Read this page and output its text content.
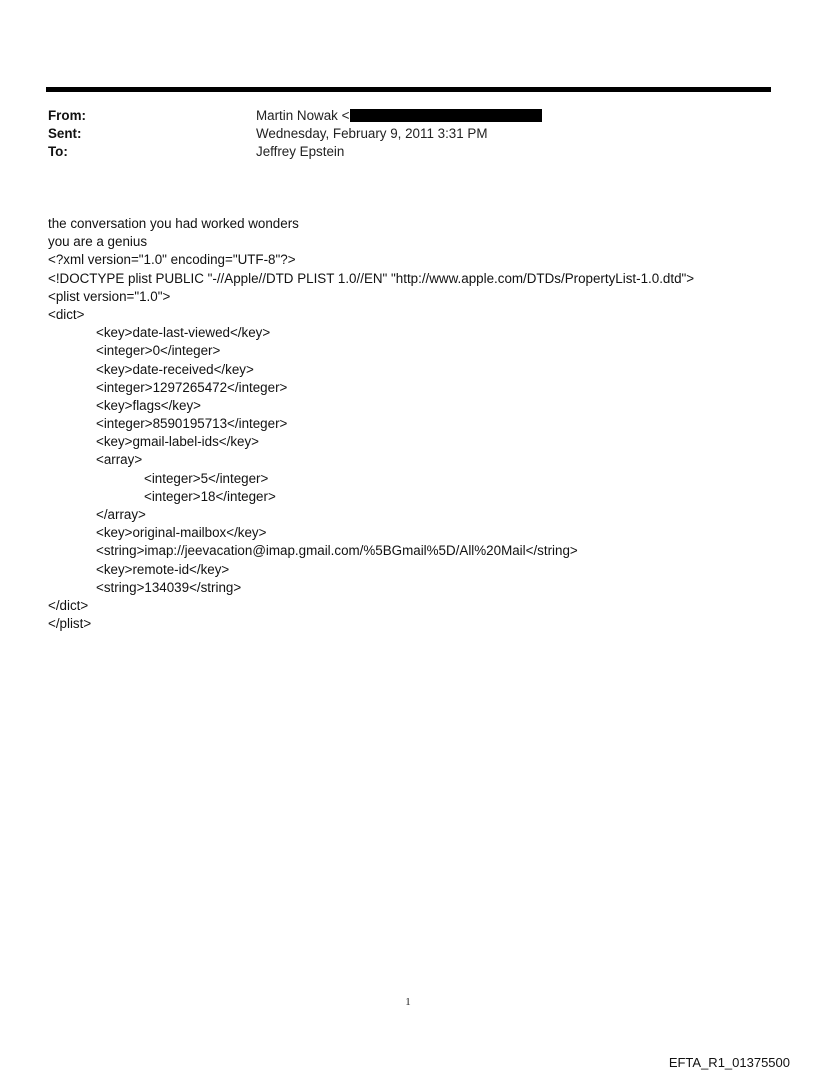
From:	Martin Nowak <
Sent:	Wednesday, February 9, 2011 3:31 PM
To:	Jeffrey Epstein
the conversation you had worked wonders
you are a genius
<?xml version="1.0" encoding="UTF-8"?>
<!DOCTYPE plist PUBLIC "-//Apple//DTD PLIST 1.0//EN" "http://www.apple.com/DTDs/PropertyList-1.0.dtd">
<plist version="1.0">
<dict>
<key>date-last-viewed</key>
<integer>0</integer>
<key>date-received</key>
<integer>1297265472</integer>
<key>flags</key>
<integer>8590195713</integer>
<key>gmail-label-ids</key>
<array>
<integer>5</integer>
<integer>18</integer>
</array>
<key>original-mailbox</key>
<string>imap://jeevacation@imap.gmail.com/%5BGmail%5D/All%20Mail</string>
<key>remote-id</key>
<string>134039</string>
</dict>
</plist>
1
EFTA_R1_01375500
